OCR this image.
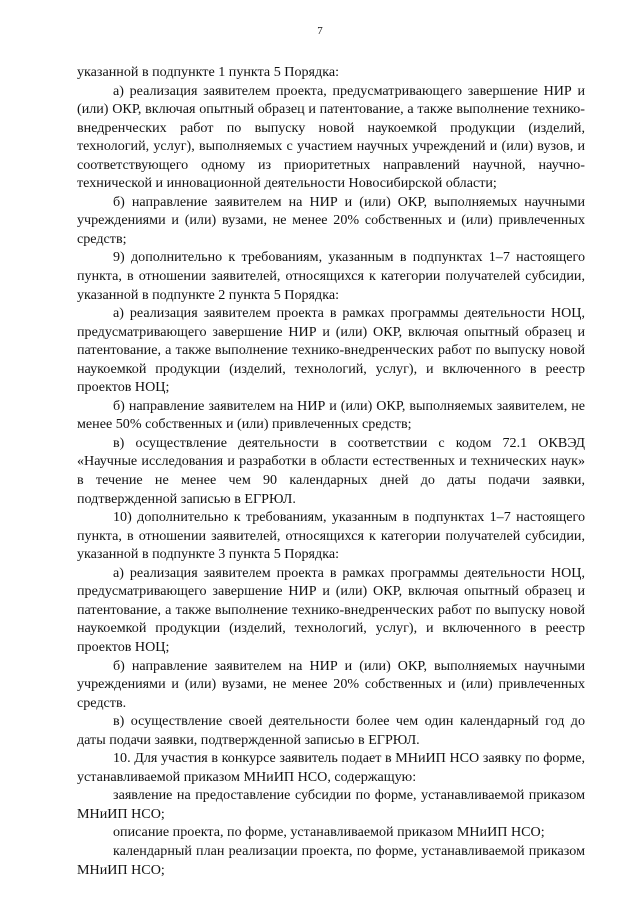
7

указанной в подпункте 1 пункта 5 Порядка:

а) реализация заявителем проекта, предусматривающего завершение НИР и (или) ОКР, включая опытный образец и патентование, а также выполнение технико-внедренческих работ по выпуску новой наукоемкой продукции (изделий, технологий, услуг), выполняемых с участием научных учреждений и (или) вузов, и соответствующего одному из приоритетных направлений научной, научно-технической и инновационной деятельности Новосибирской области;

б) направление заявителем на НИР и (или) ОКР, выполняемых научными учреждениями и (или) вузами, не менее 20% собственных и (или) привлеченных средств;

9) дополнительно к требованиям, указанным в подпунктах 1–7 настоящего пункта, в отношении заявителей, относящихся к категории получателей субсидии, указанной в подпункте 2 пункта 5 Порядка:

а) реализация заявителем проекта в рамках программы деятельности НОЦ, предусматривающего завершение НИР и (или) ОКР, включая опытный образец и патентование, а также выполнение технико-внедренческих работ по выпуску новой наукоемкой продукции (изделий, технологий, услуг), и включенного в реестр проектов НОЦ;

б) направление заявителем на НИР и (или) ОКР, выполняемых заявителем, не менее 50% собственных и (или) привлеченных средств;

в) осуществление деятельности в соответствии с кодом 72.1 ОКВЭД «Научные исследования и разработки в области естественных и технических наук» в течение не менее чем 90 календарных дней до даты подачи заявки, подтвержденной записью в ЕГРЮЛ.

10) дополнительно к требованиям, указанным в подпунктах 1–7 настоящего пункта, в отношении заявителей, относящихся к категории получателей субсидии, указанной в подпункте 3 пункта 5 Порядка:

а) реализация заявителем проекта в рамках программы деятельности НОЦ, предусматривающего завершение НИР и (или) ОКР, включая опытный образец и патентование, а также выполнение технико-внедренческих работ по выпуску новой наукоемкой продукции (изделий, технологий, услуг), и включенного в реестр проектов НОЦ;

б) направление заявителем на НИР и (или) ОКР, выполняемых научными учреждениями и (или) вузами, не менее 20% собственных и (или) привлеченных средств.

в) осуществление своей деятельности более чем один календарный год до даты подачи заявки, подтвержденной записью в ЕГРЮЛ.

10. Для участия в конкурсе заявитель подает в МНиИП НСО заявку по форме, устанавливаемой приказом МНиИП НСО, содержащую:

заявление на предоставление субсидии по форме, устанавливаемой приказом МНиИП НСО;

описание проекта, по форме, устанавливаемой приказом МНиИП НСО;

календарный план реализации проекта, по форме, устанавливаемой приказом МНиИП НСО;
